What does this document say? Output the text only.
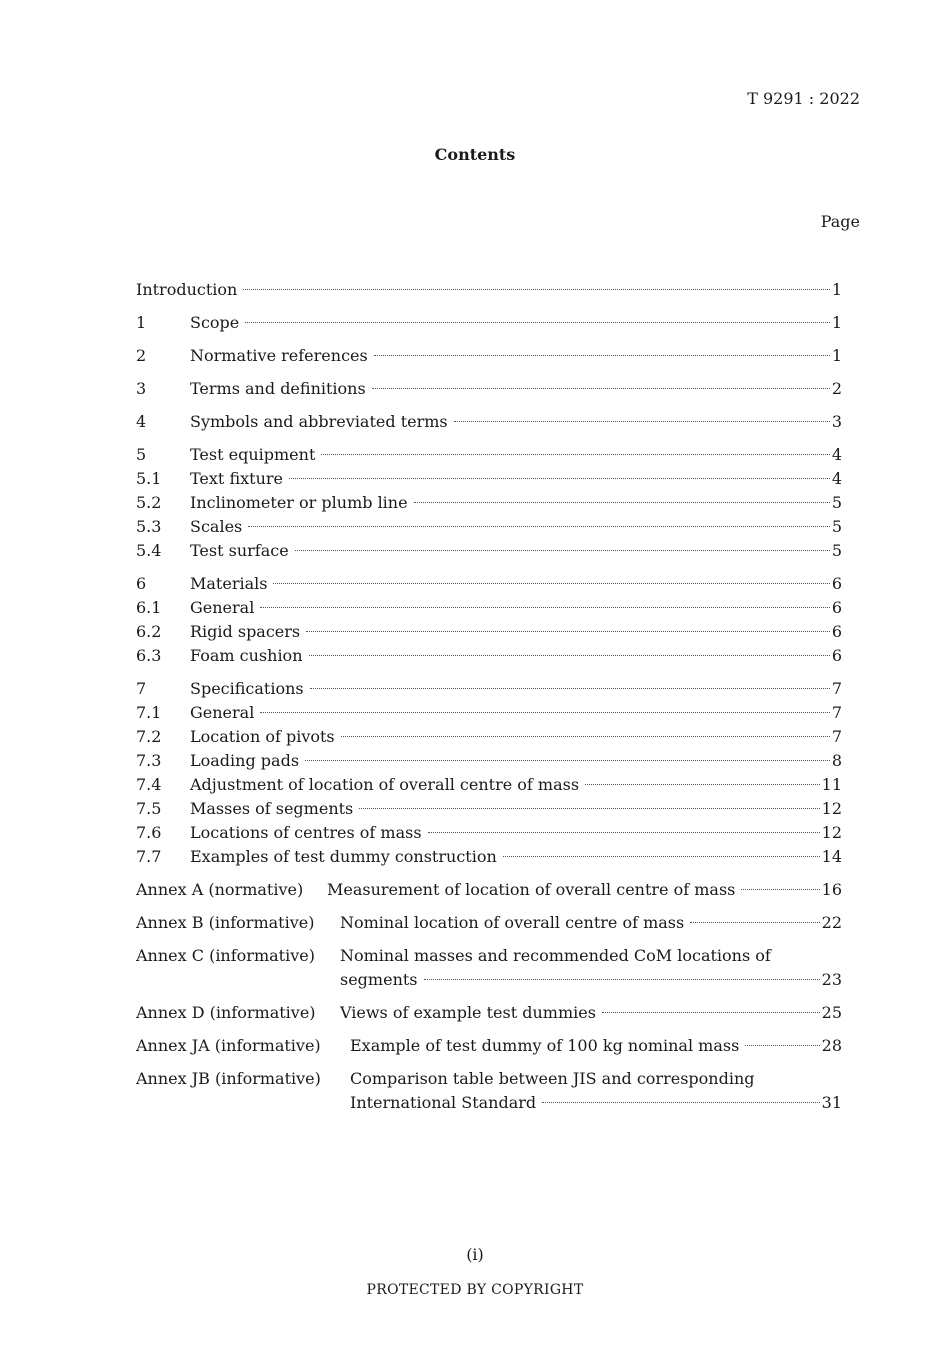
T 9291 : 2022
Contents
Page
Introduction	1
1	Scope	1
2	Normative references	1
3	Terms and definitions	2
4	Symbols and abbreviated terms	3
5	Test equipment	4
5.1	Text fixture	4
5.2	Inclinometer or plumb line	5
5.3	Scales	5
5.4	Test surface	5
6	Materials	6
6.1	General	6
6.2	Rigid spacers	6
6.3	Foam cushion	6
7	Specifications	7
7.1	General	7
7.2	Location of pivots	7
7.3	Loading pads	8
7.4	Adjustment of location of overall centre of mass	11
7.5	Masses of segments	12
7.6	Locations of centres of mass	12
7.7	Examples of test dummy construction	14
Annex A (normative)	Measurement of location of overall centre of mass	16
Annex B (informative)	Nominal location of overall centre of mass	22
Annex C (informative)	Nominal masses and recommended CoM locations of
segments	23
Annex D (informative)	Views of example test dummies	25
Annex JA (informative)	Example of test dummy of 100 kg nominal mass	28
Annex JB (informative)	Comparison table between JIS and corresponding
International Standard	31
(i)
PROTECTED BY COPYRIGHT
